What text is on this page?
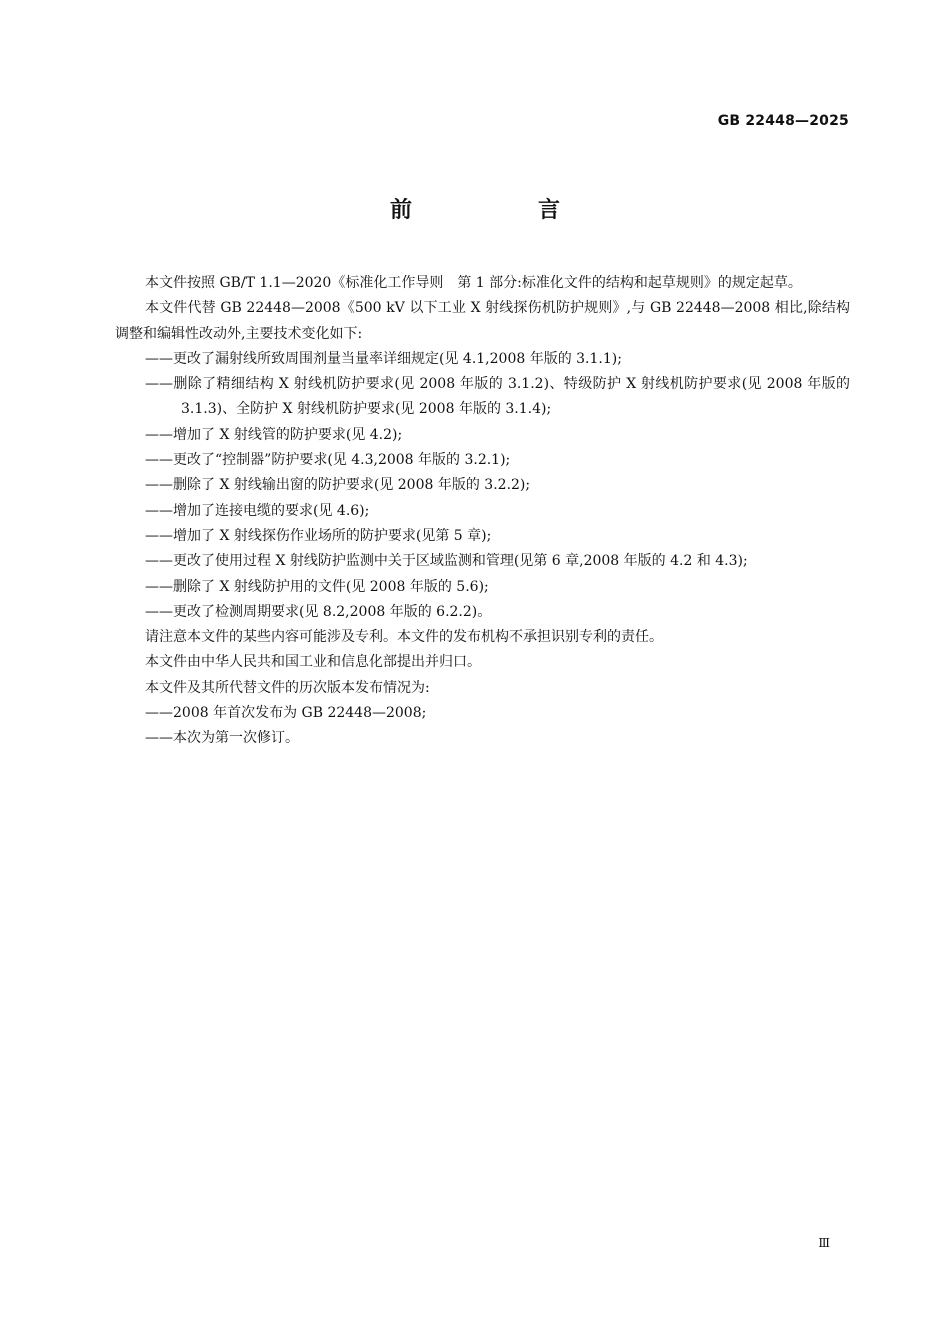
GB 22448—2025
前　言

本文件按照 GB/T 1.1—2020《标准化工作导则　第 1 部分:标准化文件的结构和起草规则》的规定起草。

本文件代替 GB 22448—2008《500 kV 以下工业 X 射线探伤机防护规则》,与 GB 22448—2008 相比,除结构调整和编辑性改动外,主要技术变化如下:

——更改了漏射线所致周围剂量当量率详细规定(见 4.1,2008 年版的 3.1.1);

——删除了精细结构 X 射线机防护要求(见 2008 年版的 3.1.2)、特级防护 X 射线机防护要求(见 2008 年版的 3.1.3)、全防护 X 射线机防护要求(见 2008 年版的 3.1.4);

——增加了 X 射线管的防护要求(见 4.2);

——更改了“控制器”防护要求(见 4.3,2008 年版的 3.2.1);

——删除了 X 射线输出窗的防护要求(见 2008 年版的 3.2.2);

——增加了连接电缆的要求(见 4.6);

——增加了 X 射线探伤作业场所的防护要求(见第 5 章);

——更改了使用过程 X 射线防护监测中关于区域监测和管理(见第 6 章,2008 年版的 4.2 和 4.3);

——删除了 X 射线防护用的文件(见 2008 年版的 5.6);

——更改了检测周期要求(见 8.2,2008 年版的 6.2.2)。

请注意本文件的某些内容可能涉及专利。本文件的发布机构不承担识别专利的责任。

本文件由中华人民共和国工业和信息化部提出并归口。

本文件及其所代替文件的历次版本发布情况为:

——2008 年首次发布为 GB 22448—2008;

——本次为第一次修订。

Ⅲ
